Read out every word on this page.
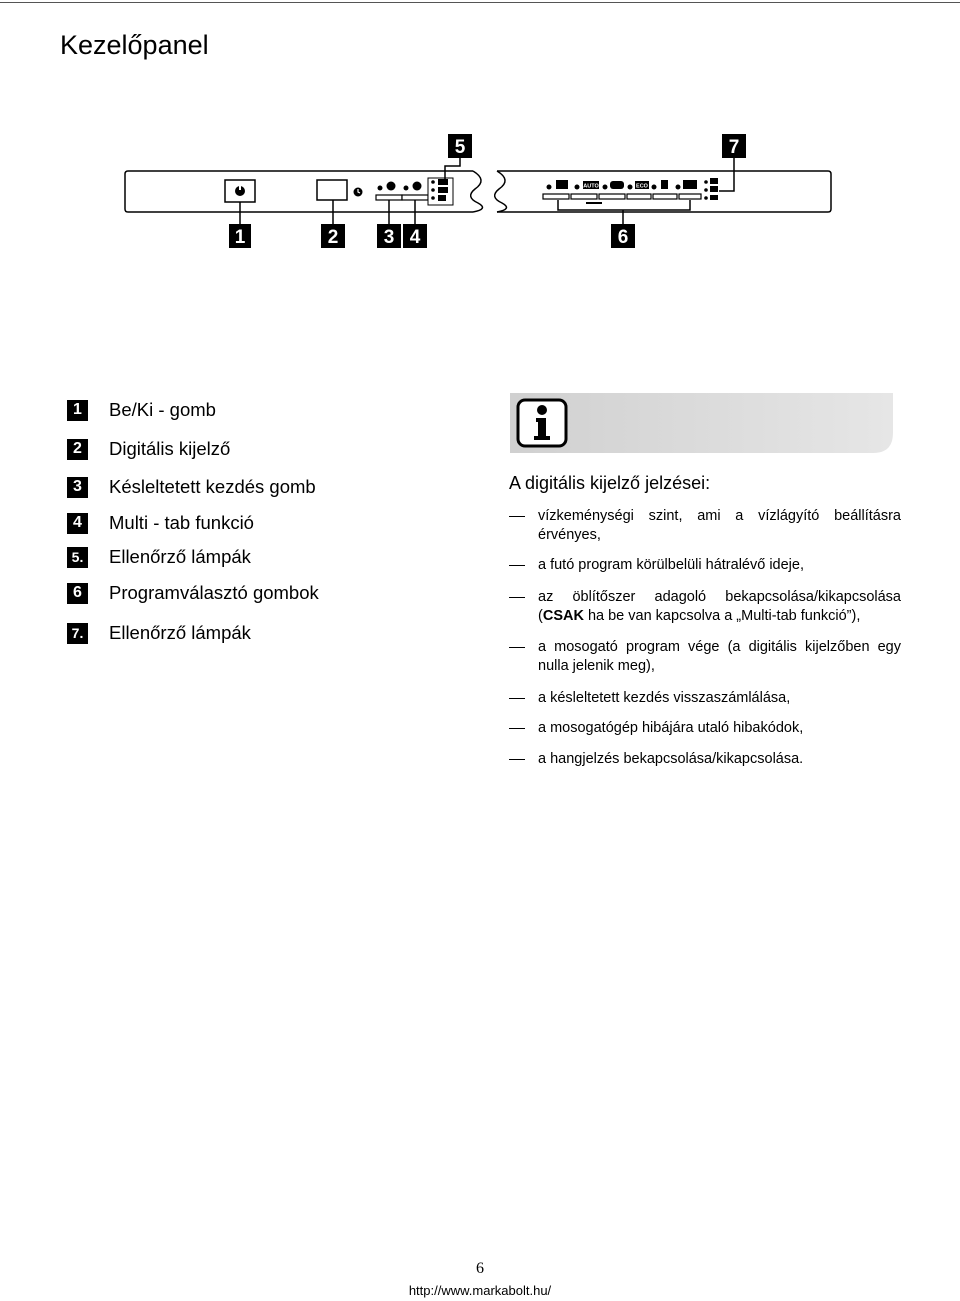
Kezelőpanel
AUTO	ECO
1	2 3 4
5
6
7
1	Be/Ki - gomb
2	Digitális kijelző
3	Késleltetett kezdés gomb
4	Multi - tab funkció
5. Ellenőrző lámpák
6	Programválasztó gombok
7. Ellenőrző lámpák
A digitális kijelző jelzései:
vízkeménységi szint, ami a vízlágyító beállításra érvényes,
a futó program körülbelüli hátralévő ideje,
az öblítőszer adagoló bekapcsolása/kikapcsolása (CSAK ha be van kapcsolva a „Multi-tab funkció”),
a mosogató program vége (a digitális kijelzőben egy nulla jelenik meg),
a késleltetett kezdés visszaszámlálása,
a mosogatógép hibájára utaló hibakódok,
a hangjelzés bekapcsolása/kikapcsolása.
6
http://www.markabolt.hu/
